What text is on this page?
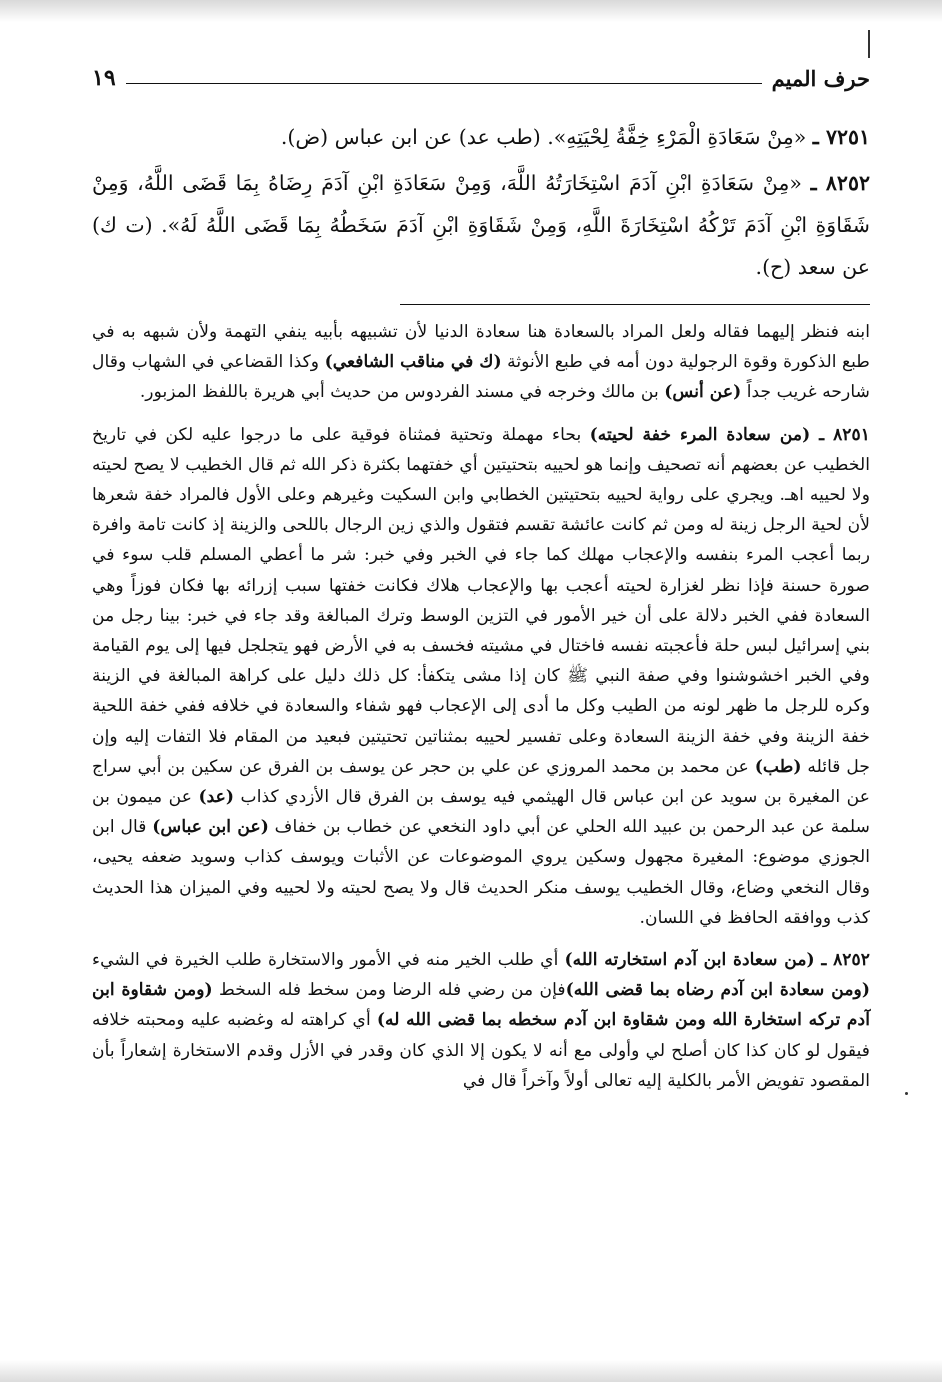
حرف الميم
١٩

٧٢٥١ ـ «مِنْ سَعَادَةِ الْمَرْءِ خِفَّةُ لِحْيَتِهِ». (طب عد) عن ابن عباس (ض).

٨٢٥٢ ـ «مِنْ سَعَادَةِ ابْنِ آدَمَ اسْتِخَارَتُهُ اللَّهَ، وَمِنْ سَعَادَةِ ابْنِ آدَمَ رِضَاهُ بِمَا قَضَى اللَّهُ، وَمِنْ شَقَاوَةِ ابْنِ آدَمَ تَرْكُهُ اسْتِخَارَةَ اللَّهِ، وَمِنْ شَقَاوَةِ ابْنِ آدَمَ سَخَطُهُ بِمَا قَضَى اللَّهُ لَهُ». (ت ك) عن سعد (ح).

ابنه فنظر إليهما فقاله ولعل المراد بالسعادة هنا سعادة الدنيا لأن تشبيهه بأبيه ينفي التهمة ولأن شبهه به في طبع الذكورة وقوة الرجولية دون أمه في طبع الأنوثة (ك في مناقب الشافعي) وكذا القضاعي في الشهاب وقال شارحه غريب جداً (عن أنس) بن مالك وخرجه في مسند الفردوس من حديث أبي هريرة باللفظ المزبور.

٨٢٥١ ـ (من سعادة المرء خفة لحيته) بحاء مهملة وتحتية فمثناة فوقية على ما درجوا عليه لكن في تاريخ الخطيب عن بعضهم أنه تصحيف وإنما هو لحييه بتحتيتين أي خفتهما بكثرة ذكر الله ثم قال الخطيب لا يصح لحيته ولا لحييه اهـ. ويجري على رواية لحييه بتحتيتين الخطابي وابن السكيت وغيرهم وعلى الأول فالمراد خفة شعرها لأن لحية الرجل زينة له ومن ثم كانت عائشة تقسم فتقول والذي زين الرجال باللحى والزينة إذ كانت تامة وافرة ربما أعجب المرء بنفسه والإعجاب مهلك كما جاء في الخبر وفي خبر: شر ما أعطي المسلم قلب سوء في صورة حسنة فإذا نظر لغزارة لحيته أعجب بها والإعجاب هلاك فكانت خفتها سبب إزرائه بها فكان فوزاً وهي السعادة ففي الخبر دلالة على أن خير الأمور في التزين الوسط وترك المبالغة وقد جاء في خبر: بينا رجل من بني إسرائيل لبس حلة فأعجبته نفسه فاختال في مشيته فخسف به في الأرض فهو يتجلجل فيها إلى يوم القيامة وفي الخبر اخشوشنوا وفي صفة النبي ﷺ كان إذا مشى يتكفأ: كل ذلك دليل على كراهة المبالغة في الزينة وكره للرجل ما ظهر لونه من الطيب وكل ما أدى إلى الإعجاب فهو شفاء والسعادة في خلافه ففي خفة اللحية خفة الزينة وفي خفة الزينة السعادة وعلى تفسير لحييه بمثناتين تحتيتين فبعيد من المقام فلا التفات إليه وإن جل قائله (طب) عن محمد بن محمد المروزي عن علي بن حجر عن يوسف بن الفرق عن سكين بن أبي سراج عن المغيرة بن سويد عن ابن عباس قال الهيثمي فيه يوسف بن الفرق قال الأزدي كذاب (عد) عن ميمون بن سلمة عن عبد الرحمن بن عبيد الله الحلي عن أبي داود النخعي عن خطاب بن خفاف (عن ابن عباس) قال ابن الجوزي موضوع: المغيرة مجهول وسكين يروي الموضوعات عن الأثبات ويوسف كذاب وسويد ضعفه يحيى، وقال النخعي وضاع، وقال الخطيب يوسف منكر الحديث قال ولا يصح لحيته ولا لحييه وفي الميزان هذا الحديث كذب ووافقه الحافظ في اللسان.

٨٢٥٢ ـ (من سعادة ابن آدم استخارته الله) أي طلب الخير منه في الأمور والاستخارة طلب الخيرة في الشيء (ومن سعادة ابن آدم رضاه بما قضى الله)فإن من رضي فله الرضا ومن سخط فله السخط (ومن شقاوة ابن آدم تركه استخارة الله ومن شقاوة ابن آدم سخطه بما قضى الله له) أي كراهته له وغضبه عليه ومحبته خلافه فيقول لو كان كذا كان أصلح لي وأولى مع أنه لا يكون إلا الذي كان وقدر في الأزل وقدم الاستخارة إشعاراً بأن المقصود تفويض الأمر بالكلية إليه تعالى أولاً وآخراً قال في
